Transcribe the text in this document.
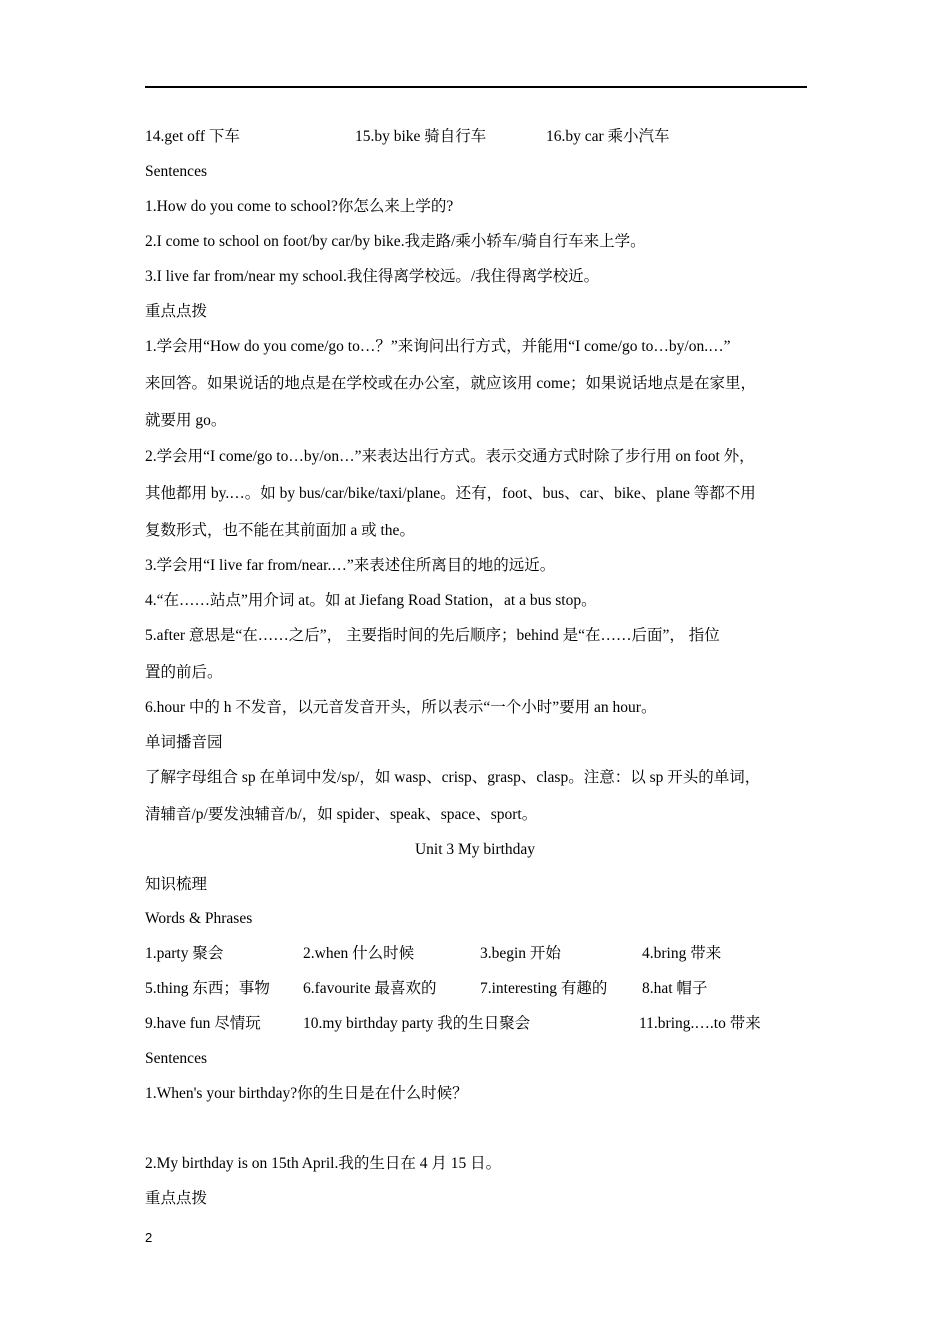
14.get off 下车	15.by bike 骑自行车	16.by car 乘小汽车
Sentences
1.How do you come to school?你怎么来上学的?
2.I come to school on foot/by car/by bike.我走路/乘小轿车/骑自行车来上学。
3.I live far from/near my school.我住得离学校远。/我住得离学校近。
重点点拨
1.学会用“How do you come/go to…？”来询问出行方式，并能用“I come/go to…by/on.…”
来回答。如果说话的地点是在学校或在办公室，就应该用 come；如果说话地点是在家里，
就要用 go。
2.学会用“I come/go to…by/on…”来表达出行方式。表示交通方式时除了步行用 on foot 外，
其他都用 by.…。如 by bus/car/bike/taxi/plane。还有，foot、bus、car、bike、plane 等都不用
复数形式，也不能在其前面加 a 或 the。
3.学会用“I live far from/near.…”来表述住所离目的地的远近。
4.“在……站点”用介词 at。如 at Jiefang Road Station，at a bus stop。
5.after 意思是“在……之后”， 主要指时间的先后顺序；behind 是“在……后面”， 指位
置的前后。
6.hour 中的 h 不发音，以元音发音开头，所以表示“一个小时”要用 an hour。
单词播音园
了解字母组合 sp 在单词中发/sp/，如 wasp、crisp、grasp、clasp。注意：以 sp 开头的单词，
清辅音/p/要发浊辅音/b/，如 spider、speak、space、sport。
Unit 3 My birthday
知识梳理
Words & Phrases
1.party 聚会	2.when 什么时候	3.begin 开始	4.bring 带来
5.thing 东西；事物 6.favourite 最喜欢的	7.interesting 有趣的 8.hat 帽子
9.have fun 尽情玩	10.my birthday party 我的生日聚会	11.bring.….to 带来
Sentences
1.When's your birthday?你的生日是在什么时候？
2.My birthday is on 15th April.我的生日在 4 月 15 日。
重点点拨
2
